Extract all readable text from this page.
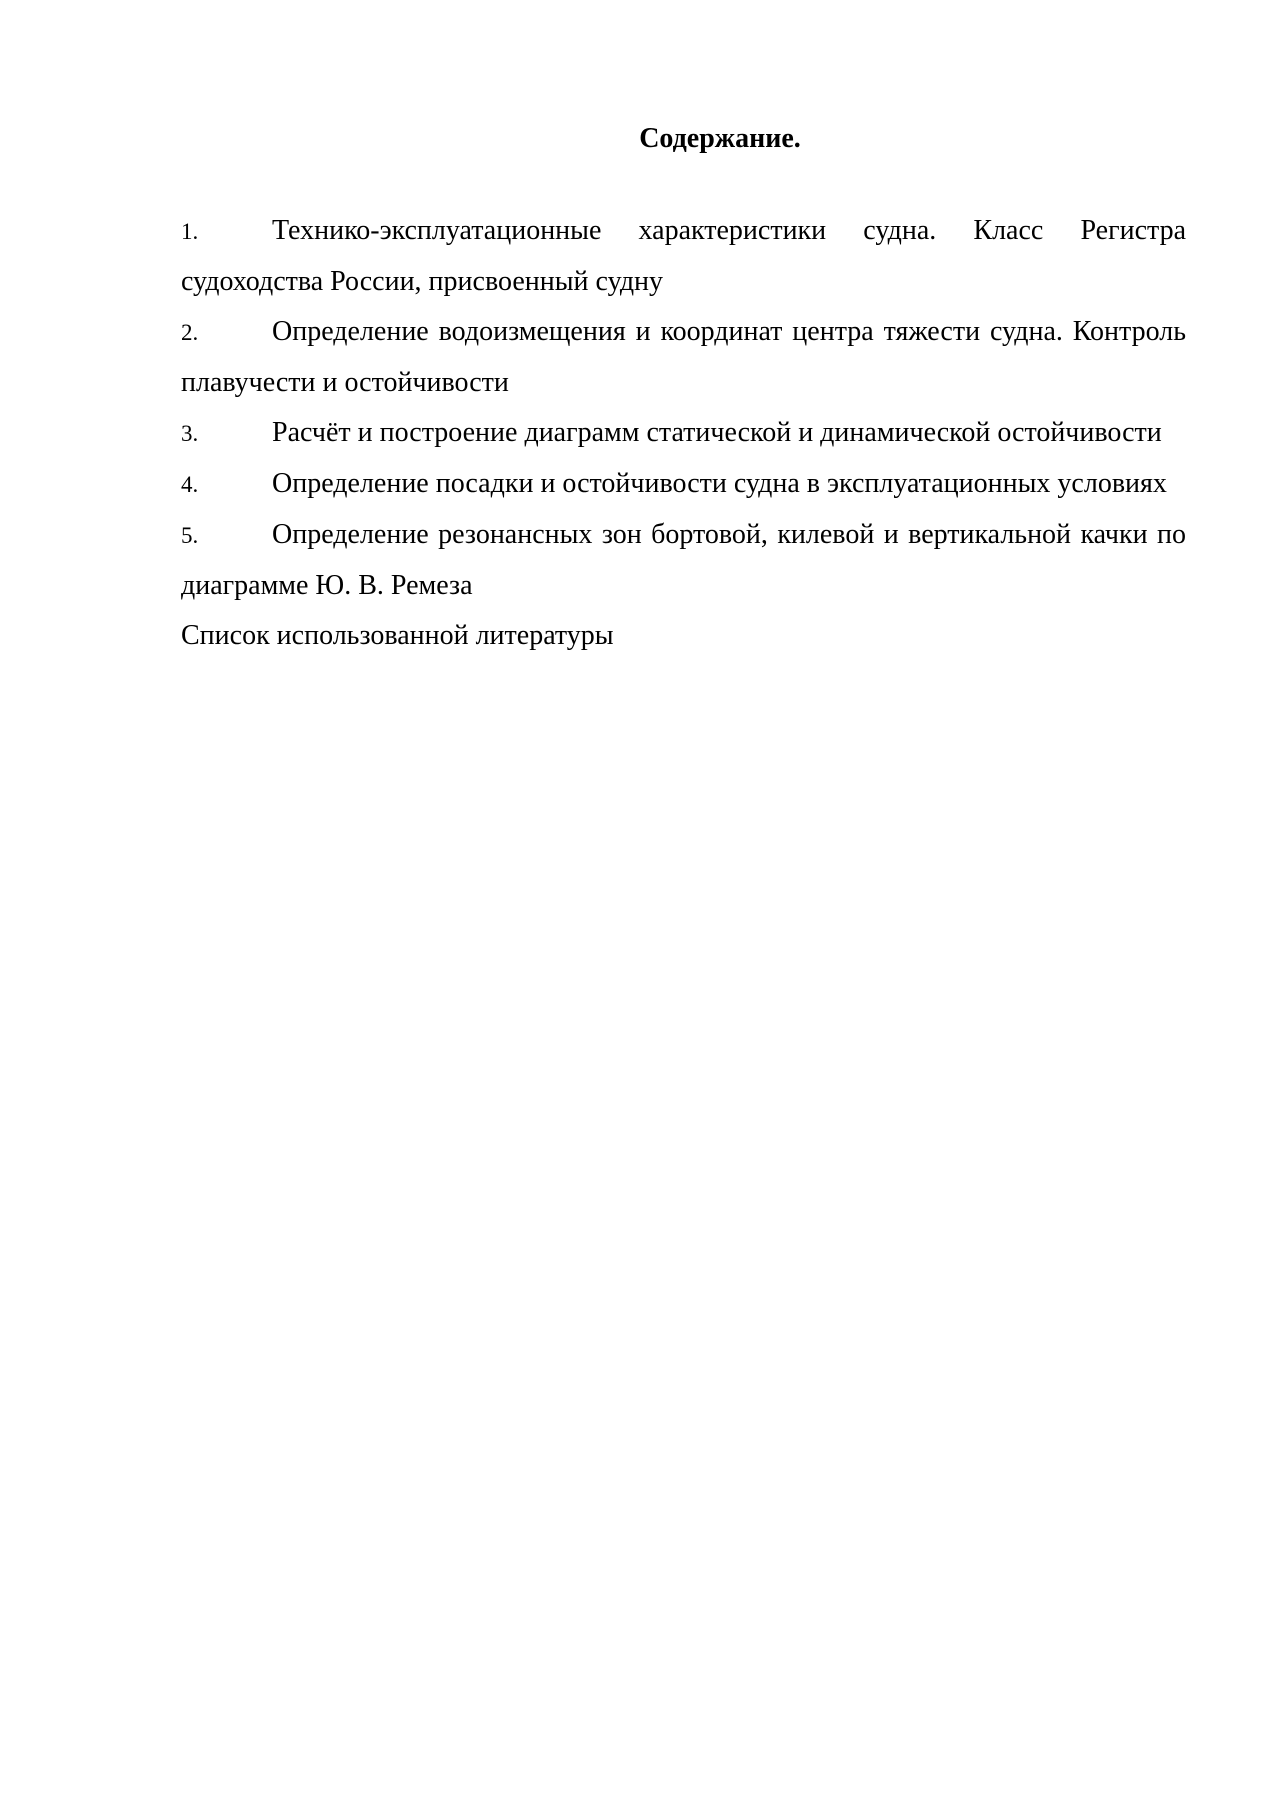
Содержание.

1.	Технико-эксплуатационные характеристики судна. Класс Регистра судоходства России, присвоенный судну

2.	Определение водоизмещения и координат центра тяжести судна. Контроль плавучести и остойчивости

3.	Расчёт и построение диаграмм статической и динамической остойчивости

4.	Определение посадки и остойчивости судна в эксплуатационных условиях

5.	Определение резонансных зон бортовой, килевой и вертикальной качки по диаграмме Ю. В. Ремеза

Список использованной литературы
